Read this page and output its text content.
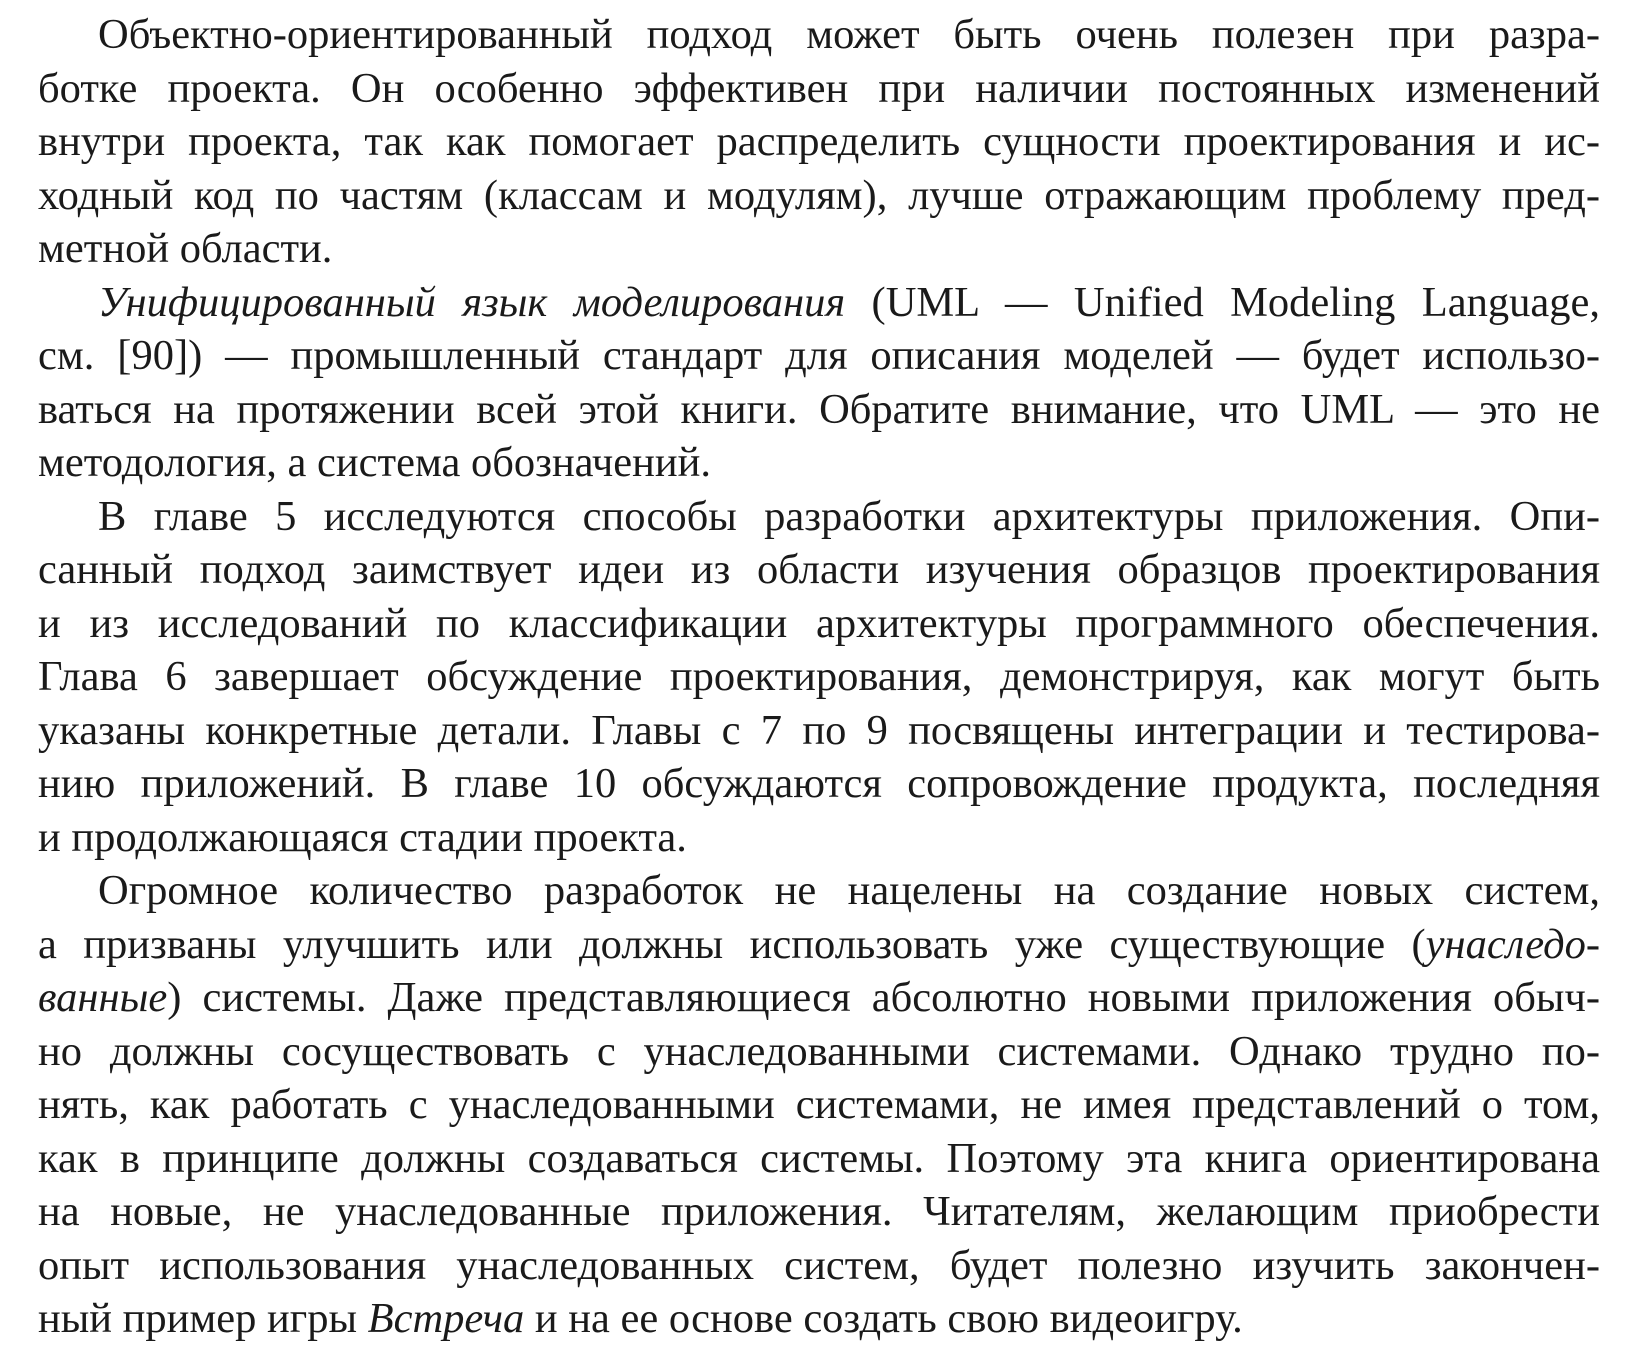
Объектно-ориентированный подход может быть очень полезен при разра-
ботке проекта. Он особенно эффективен при наличии постоянных изменений
внутри проекта, так как помогает распределить сущности проектирования и ис-
ходный код по частям (классам и модулям), лучше отражающим проблему пред-
метной области.
Унифицированный язык моделирования (UML — Unified Modeling Language,
см. [90]) — промышленный стандарт для описания моделей — будет использо-
ваться на протяжении всей этой книги. Обратите внимание, что UML — это не
методология, а система обозначений.
В главе 5 исследуются способы разработки архитектуры приложения. Опи-
санный подход заимствует идеи из области изучения образцов проектирования
и из исследований по классификации архитектуры программного обеспечения.
Глава 6 завершает обсуждение проектирования, демонстрируя, как могут быть
указаны конкретные детали. Главы с 7 по 9 посвящены интеграции и тестирова-
нию приложений. В главе 10 обсуждаются сопровождение продукта, последняя
и продолжающаяся стадии проекта.
Огромное количество разработок не нацелены на создание новых систем,
а призваны улучшить или должны использовать уже существующие (унаследо-
ванные) системы. Даже представляющиеся абсолютно новыми приложения обыч-
но должны сосуществовать с унаследованными системами. Однако трудно по-
нять, как работать с унаследованными системами, не имея представлений о том,
как в принципе должны создаваться системы. Поэтому эта книга ориентирована
на новые, не унаследованные приложения. Читателям, желающим приобрести
опыт использования унаследованных систем, будет полезно изучить закончен-
ный пример игры Встреча и на ее основе создать свою видеоигру.
